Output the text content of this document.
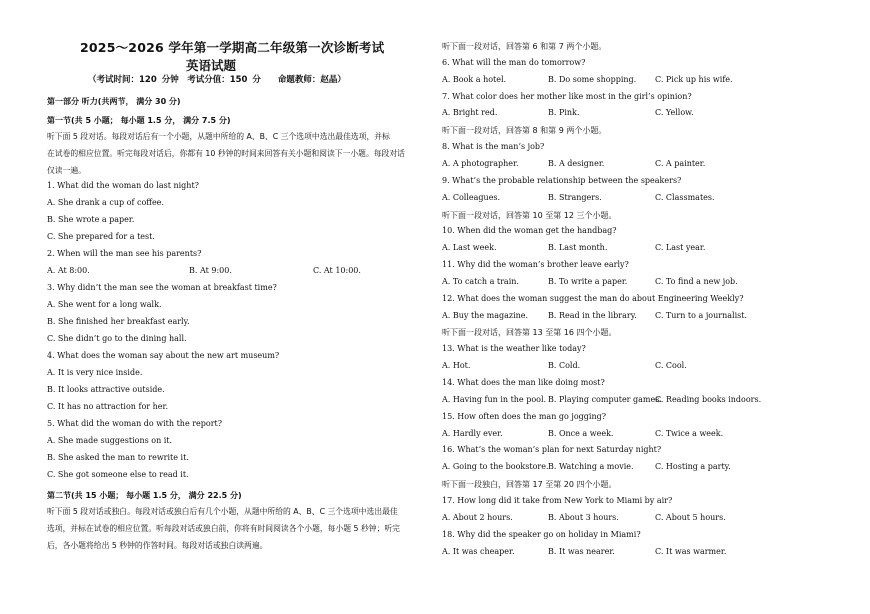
2025～2026 学年第一学期高二年级第一次诊断考试
英语试题
（考试时间：120 分钟　考试分值：150 分　　命题教师：赵晶）
第一部分 听力(共两节， 满分 30 分)
第一节(共 5 小题； 每小题 1.5 分， 满分 7.5 分)
听下面 5 段对话。每段对话后有一个小题，从题中所给的 A、B、C 三个选项中选出最佳选项，并标
在试卷的相应位置。听完每段对话后，你都有 10 秒钟的时间来回答有关小题和阅读下一小题。每段对话
仅读一遍。
1. What did the woman do last night?
A. She drank a cup of coffee.
B. She wrote a paper.
C. She prepared for a test.
2. When will the man see his parents?
A. At 8:00.	B. At 9:00.	C. At 10:00.
3. Why didn’t the man see the woman at breakfast time?
A. She went for a long walk.
B. She finished her breakfast early.
C. She didn’t go to the dining hall.
4. What does the woman say about the new art museum?
A. It is very nice inside.
B. It looks attractive outside.
C. It has no attraction for her.
5. What did the woman do with the report?
A. She made suggestions on it.
B. She asked the man to rewrite it.
C. She got someone else to read it.
第二节(共 15 小题； 每小题 1.5 分， 满分 22.5 分)
听下面 5 段对话或独白。每段对话或独白后有几个小题，从题中所给的 A、B、C 三个选项中选出最佳
选项，并标在试卷的相应位置。听每段对话或独白前，你将有时间阅读各个小题，每小题 5 秒钟；听完
后，各小题将给出 5 秒钟的作答时间。每段对话或独白读两遍。
听下面一段对话，回答第 6 和第 7 两个小题。
6. What will the man do tomorrow?
A. Book a hotel.	B. Do some shopping. C. Pick up his wife.
7. What color does her mother like most in the girl’s opinion?
A. Bright red.	B. Pink.	C. Yellow.
听下面一段对话，回答第 8 和第 9 两个小题。
8. What is the man’s job?
A. A photographer.	B. A designer.	C. A painter.
9. What’s the probable relationship between the speakers?
A. Colleagues.	B. Strangers.	C. Classmates.
听下面一段对话，回答第 10 至第 12 三个小题。
10. When did the woman get the handbag?
A. Last week.	B. Last month.	C. Last year.
11. Why did the woman’s brother leave early?
A. To catch a train.	B. To write a paper.	C. To find a new job.
12. What does the woman suggest the man do about Engineering Weekly?
A. Buy the magazine. B. Read in the library. C. Turn to a journalist.
听下面一段对话，回答第 13 至第 16 四个小题。
13. What is the weather like today?
A. Hot.	B. Cold.	C. Cool.
14. What does the man like doing most?
A. Having fun in the pool. B. Playing computer games.
C. Reading books indoors.
15. How often does the man go jogging?
A. Hardly ever.	B. Once a week.	C. Twice a week.
16. What’s the woman’s plan for next Saturday night?
A. Going to the bookstore. B. Watching a movie.	C. Hosting a party.
听下面一段独白，回答第 17 至第 20 四个小题。
17. How long did it take from New York to Miami by air?
A. About 2 hours.	B. About 3 hours.	C. About 5 hours.
18. Why did the speaker go on holiday in Miami?
A. It was cheaper.	B. It was nearer.	C. It was warmer.
